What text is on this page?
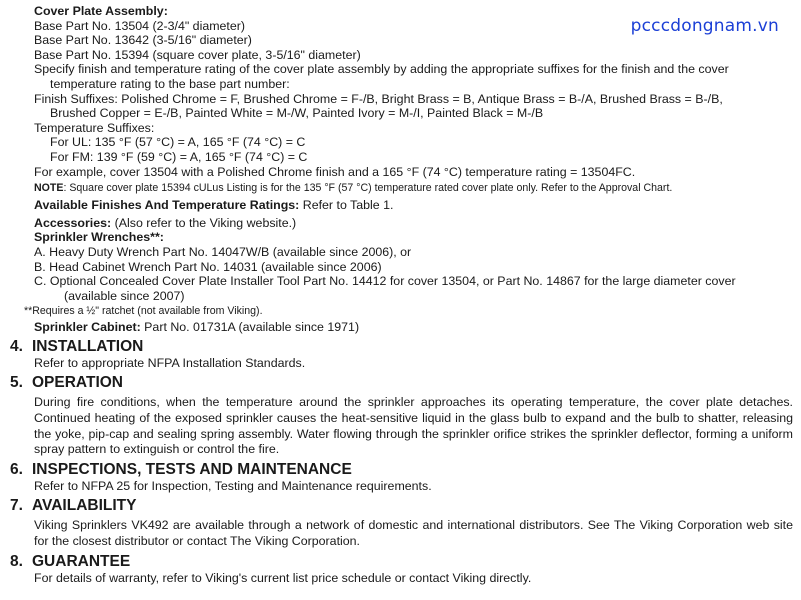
pcccdongnam.vn
Cover Plate Assembly:
Base Part No. 13504 (2-3/4" diameter)
Base Part No. 13642 (3-5/16" diameter)
Base Part No. 15394 (square cover plate, 3-5/16" diameter)
Specify finish and temperature rating of the cover plate assembly by adding the appropriate suffixes for the finish and the cover
temperature rating to the base part number:
Finish Suffixes: Polished Chrome = F, Brushed Chrome = F-/B, Bright Brass = B, Antique Brass = B-/A, Brushed Brass = B-/B,
Brushed Copper = E-/B, Painted White = M-/W, Painted Ivory = M-/I, Painted Black = M-/B
Temperature Suffixes:
For UL: 135 °F (57 °C) = A, 165 °F (74 °C) = C
For FM: 139 °F (59 °C) = A, 165 °F (74 °C) = C
For example, cover 13504 with a Polished Chrome finish and a 165 °F (74 °C) temperature rating = 13504FC.
NOTE: Square cover plate 15394 cULus Listing is for the 135 °F (57 °C) temperature rated cover plate only. Refer to the Approval Chart.
Available Finishes And Temperature Ratings: Refer to Table 1.
Accessories: (Also refer to the Viking website.)
Sprinkler Wrenches**:
A. Heavy Duty Wrench Part No. 14047W/B (available since 2006), or
B. Head Cabinet Wrench Part No. 14031 (available since 2006)
C. Optional Concealed Cover Plate Installer Tool Part No. 14412 for cover 13504, or Part No. 14867 for the large diameter cover
(available since 2007)
**Requires a ½" ratchet (not available from Viking).
Sprinkler Cabinet: Part No. 01731A (available since 1971)
4. INSTALLATION
Refer to appropriate NFPA Installation Standards.
5. OPERATION
During fire conditions, when the temperature around the sprinkler approaches its operating temperature, the cover plate detaches. Continued heating of the exposed sprinkler causes the heat-sensitive liquid in the glass bulb to expand and the bulb to shatter, releasing the yoke, pip-cap and sealing spring assembly. Water flowing through the sprinkler orifice strikes the sprinkler deflector, forming a uniform spray pattern to extinguish or control the fire.
6. INSPECTIONS, TESTS AND MAINTENANCE
Refer to NFPA 25 for Inspection, Testing and Maintenance requirements.
7. AVAILABILITY
Viking Sprinklers VK492 are available through a network of domestic and international distributors. See The Viking Corporation web site for the closest distributor or contact The Viking Corporation.
8. GUARANTEE
For details of warranty, refer to Viking's current list price schedule or contact Viking directly.
